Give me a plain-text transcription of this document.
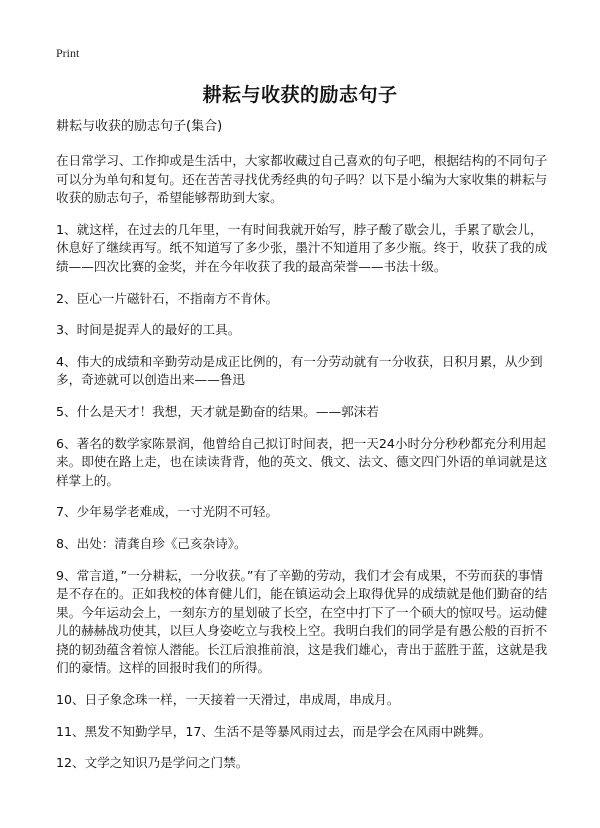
Print
耕耘与收获的励志句子

耕耘与收获的励志句子(集合)

在日常学习、工作抑或是生活中，大家都收藏过自己喜欢的句子吧，根据结构的不同句子可以分为单句和复句。还在苦苦寻找优秀经典的句子吗？以下是小编为大家收集的耕耘与收获的励志句子，希望能够帮助到大家。

1、就这样，在过去的几年里，一有时间我就开始写，脖子酸了歇会儿，手累了歇会儿，休息好了继续再写。纸不知道写了多少张，墨汁不知道用了多少瓶。终于，收获了我的成绩——四次比赛的金奖，并在今年收获了我的最高荣誉——书法十级。

2、臣心一片磁针石，不指南方不肯休。

3、时间是捉弄人的最好的工具。

4、伟大的成绩和辛勤劳动是成正比例的，有一分劳动就有一分收获，日积月累，从少到多，奇迹就可以创造出来——鲁迅

5、什么是天才！我想，天才就是勤奋的结果。——郭沫若

6、著名的数学家陈景润，他曾给自己拟订时间表，把一天24小时分分秒秒都充分利用起来。即使在路上走，也在读读背背，他的英文、俄文、法文、德文四门外语的单词就是这样掌上的。

7、少年易学老难成，一寸光阴不可轻。

8、出处：清龚自珍《己亥杂诗》。

9、常言道，”一分耕耘，一分收获。”有了辛勤的劳动，我们才会有成果，不劳而获的事情是不存在的。正如我校的体育健儿们，能在镇运动会上取得优异的成绩就是他们勤奋的结果。今年运动会上，一刻东方的星划破了长空，在空中打下了一个硕大的惊叹号。运动健儿的赫赫战功使其，以巨人身姿屹立与我校上空。我明白我们的同学是有愚公般的百折不挠的韧劲蕴含着惊人潜能。长江后浪推前浪，这是我们雄心，青出于蓝胜于蓝，这就是我们的豪情。这样的回报时我们的所得。

10、日子象念珠一样，一天接着一天滑过，串成周，串成月。

11、黑发不知勤学早，17、生活不是等暴风雨过去，而是学会在风雨中跳舞。

12、文学之知识乃是学问之门禁。
